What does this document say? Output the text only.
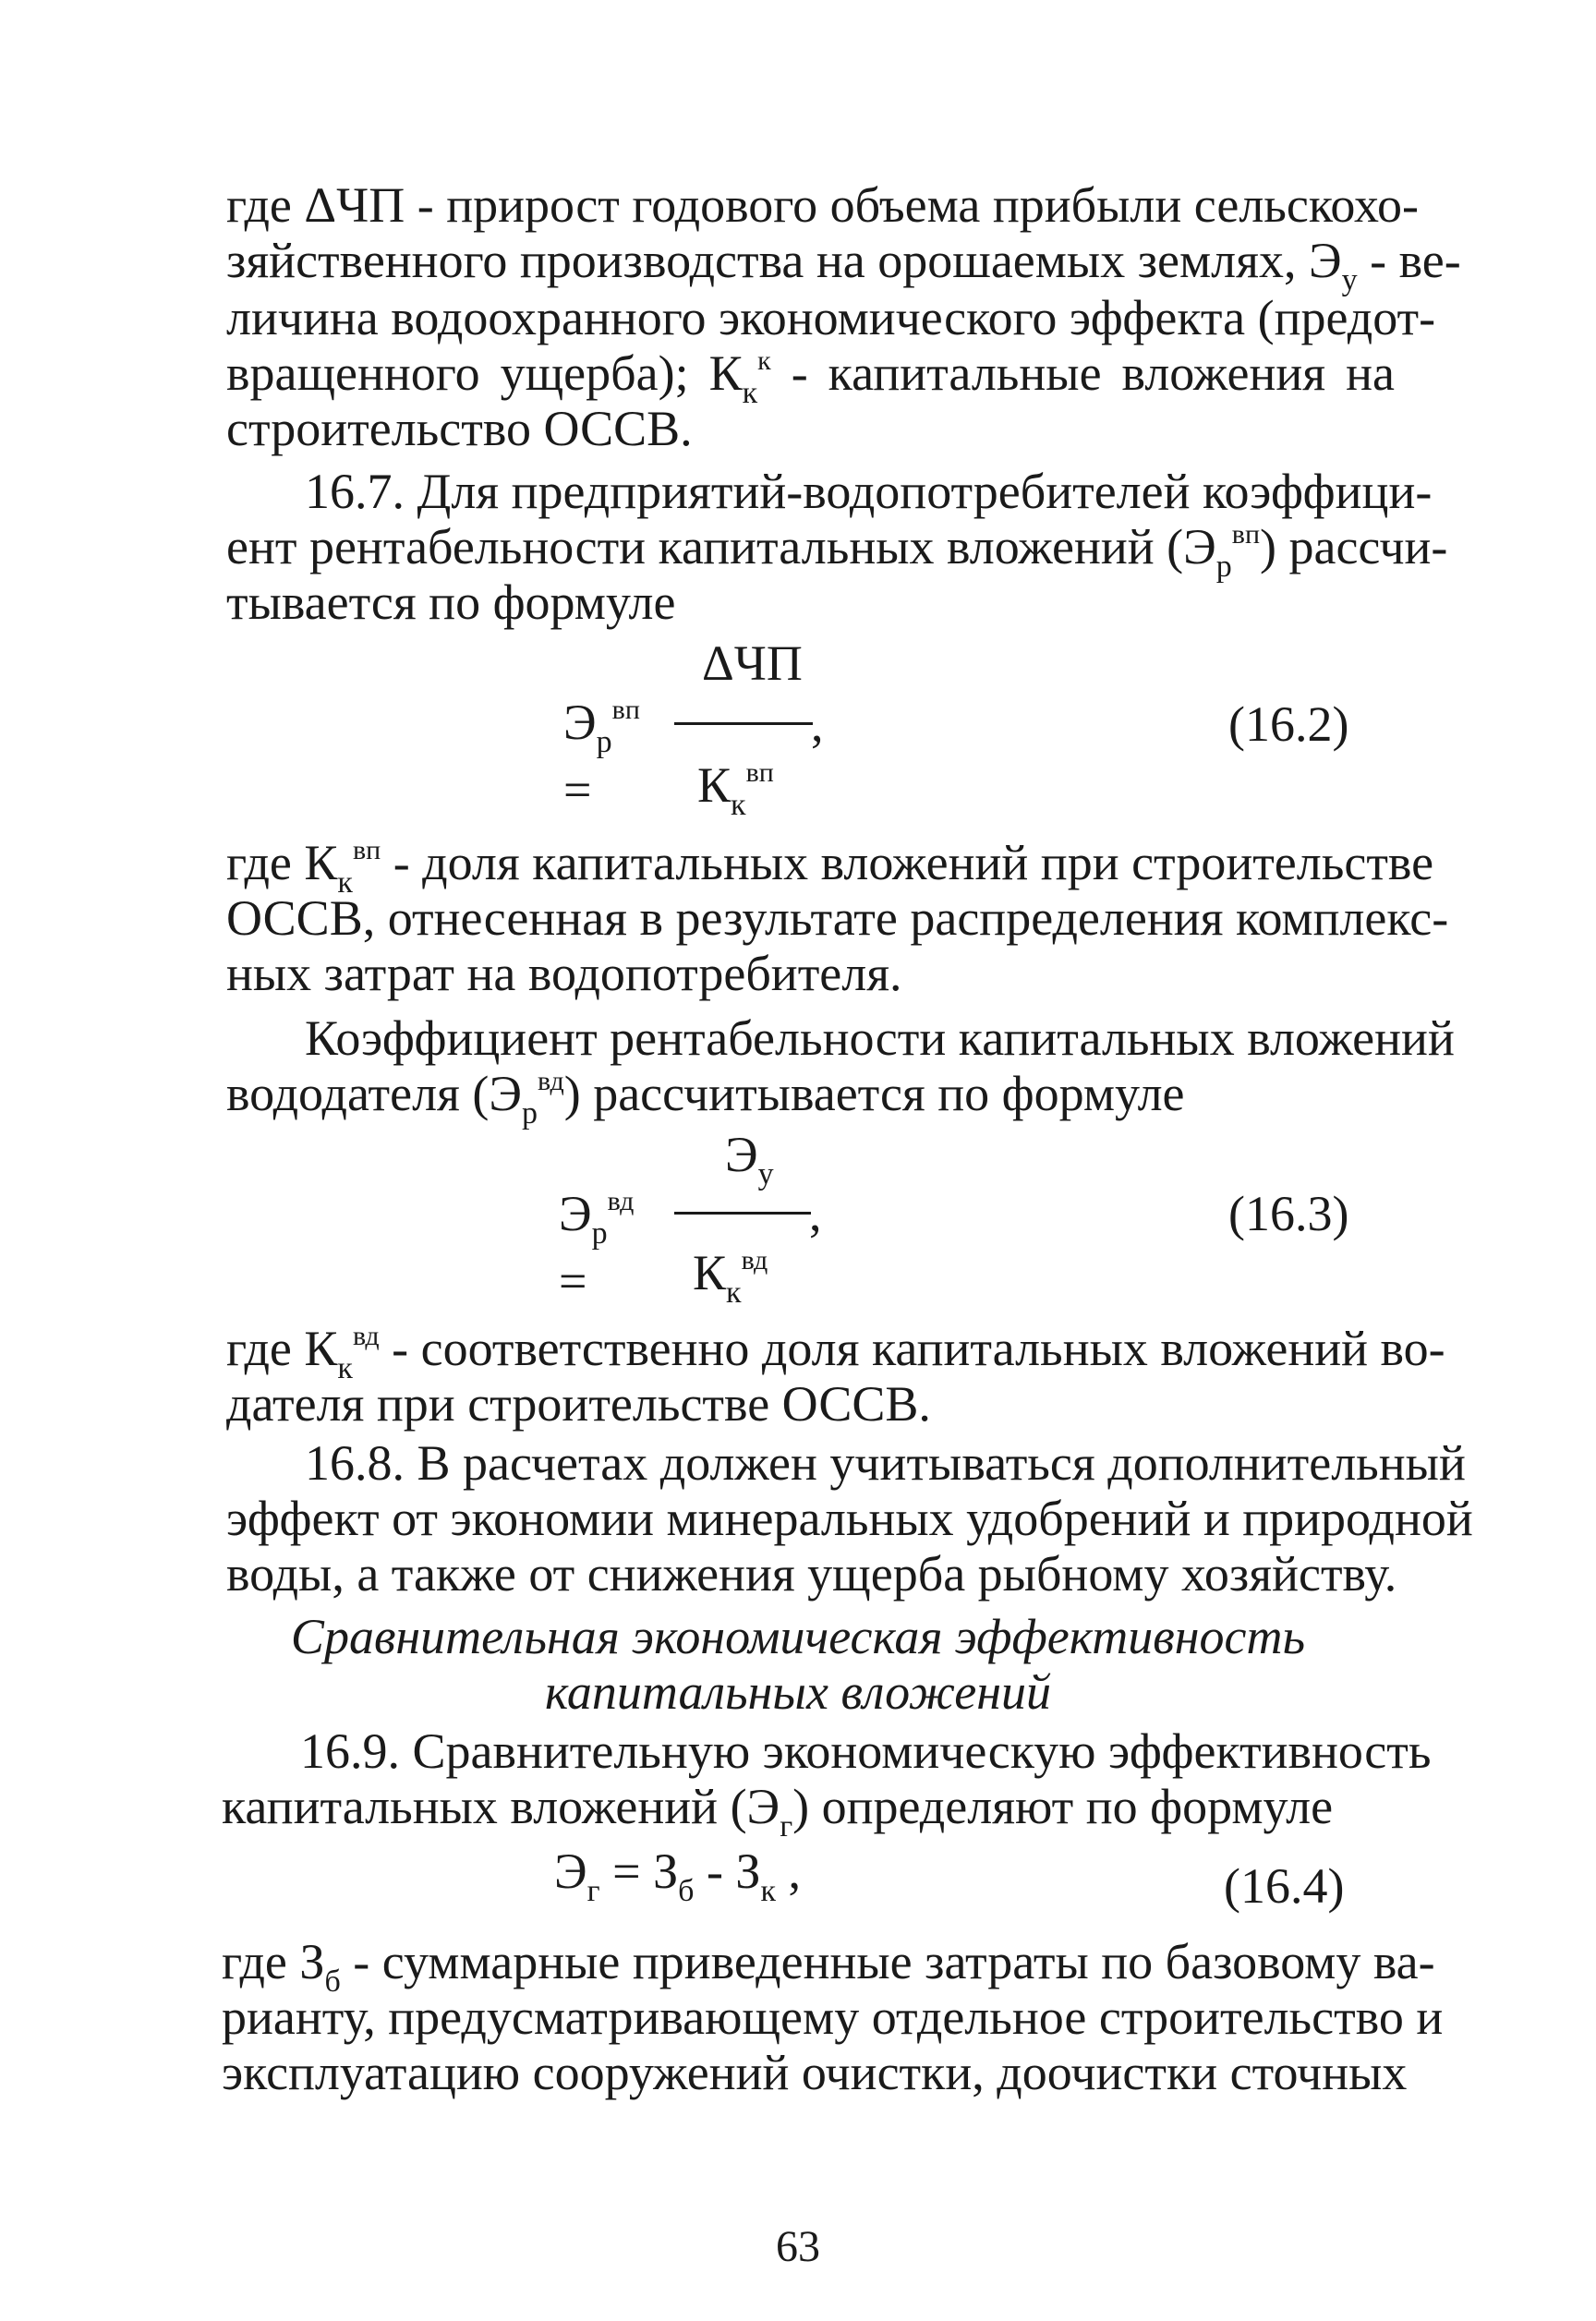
где ΔЧП - прирост годового объема прибыли сельскохо-
зяйственного производства на орошаемых землях, $Э_у - ве-$
личина водоохранного экономического эффекта (предот-
вращенного ущерба); $К_к^к$ - капитальные вложения на
строительство ОССВ.
16.7. Для предприятий-водопотребителей коэффици-
ент рентабельности капитальных вложений $(Э_р^{вп})$ рассчи-
тывается по формуле
ΔЧП
$Э_р^{вп}$ =
,
$К_к^{вп}$
(16.2)
где $К_к^{вп}$ - доля капитальных вложений при строительстве
ОССВ, отнесенная в результате распределения комплекс-
ных затрат на водопотребителя.
Коэффициент рентабельности капитальных вложений
вододателя $(Э_р^{вд})$ рассчитывается по формуле
$Э_у$
$Э_р^{вд}$ =
,
$К_к^{вд}$
(16.3)
где $К_к^{вд}$ - соответственно доля капитальных вложений во-
дателя при строительстве ОССВ.
16.8. В расчетах должен учитываться дополнительный
эффект от экономии минеральных удобрений и природной
воды, а также от снижения ущерба рыбному хозяйству.
Сравнительная экономическая эффективность
капитальных вложений
16.9. Сравнительную экономическую эффективность
капитальных вложений $(Э_г)$ определяют по формуле
$Э_г = З_б - З_к$ ,	(16.4)
где $З_б$ - суммарные приведенные затраты по базовому ва-
рианту, предусматривающему отдельное строительство и
эксплуатацию сооружений очистки, доочистки сточных
63
